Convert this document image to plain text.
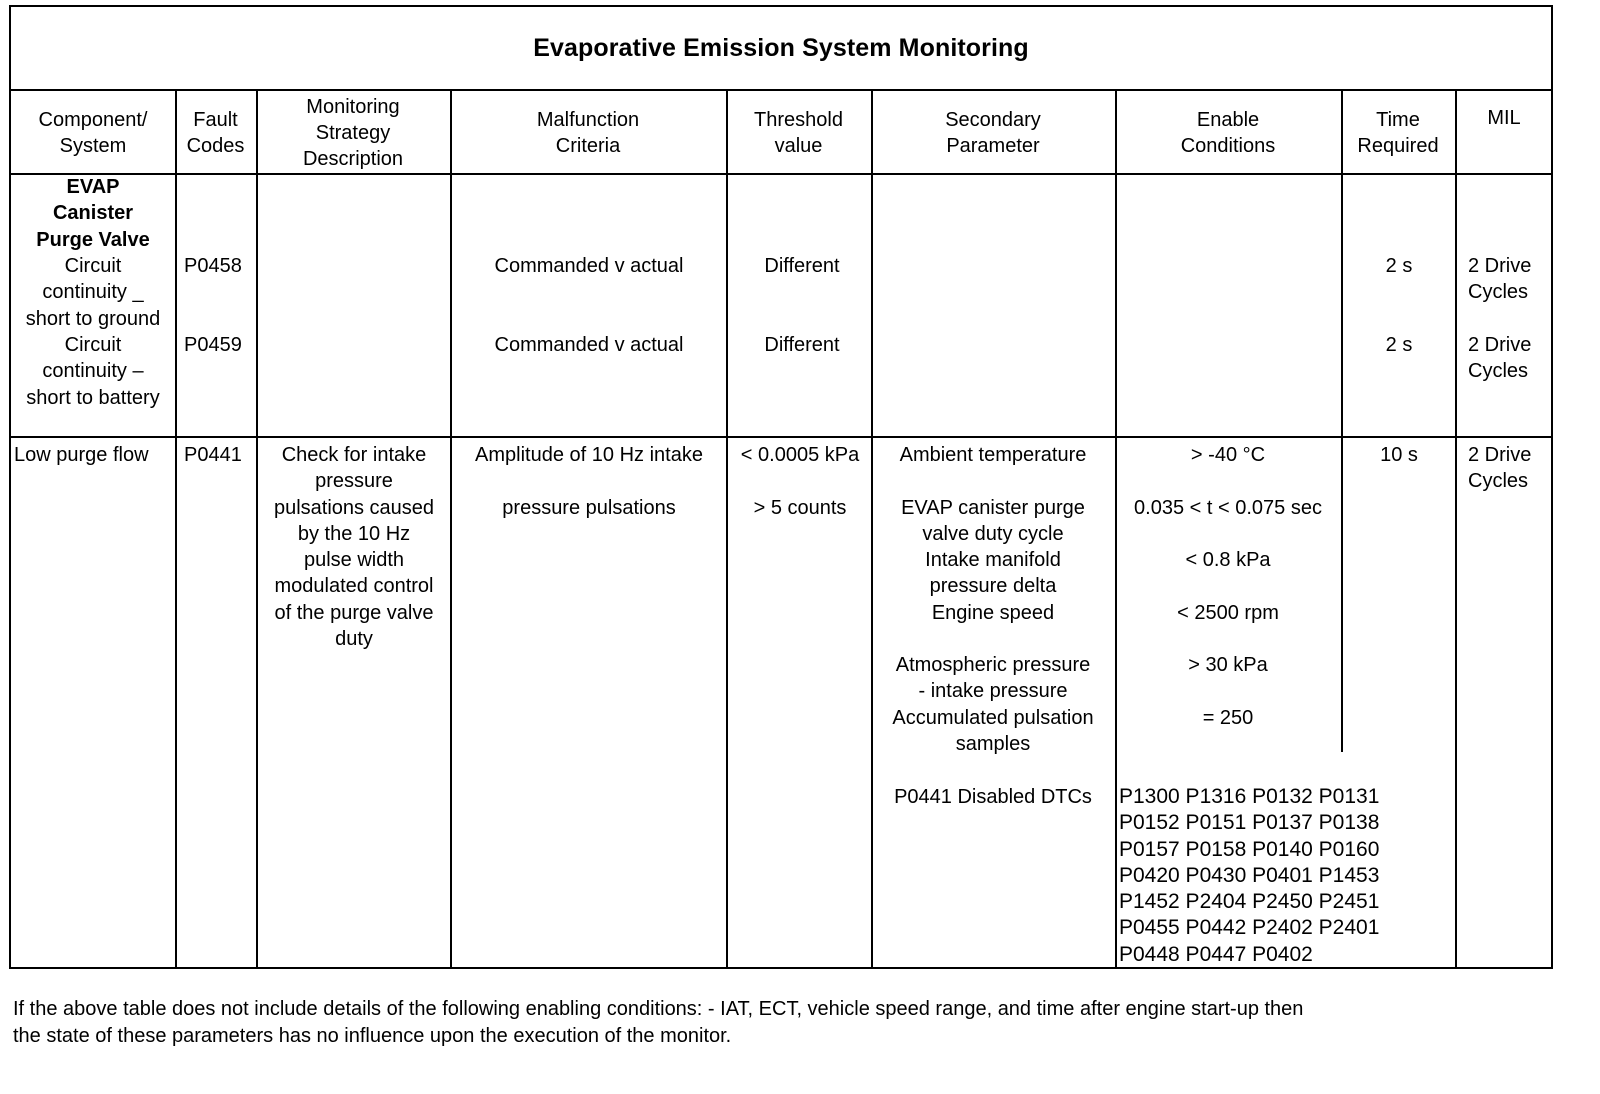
Evaporative Emission System Monitoring
Component/
System
Fault
Codes
Monitoring
Strategy
Description
Malfunction
Criteria
Threshold
value
Secondary
Parameter
Enable
Conditions
Time
Required
MIL
EVAP
Canister
Purge Valve
Circuit
continuity _
short to ground
Circuit
continuity –
short to battery
P0458
P0459
Commanded v actual
Commanded v actual
Different
Different
2 s
2 s
2 Drive
Cycles
2 Drive
Cycles
Low purge flow P0441	Check for intake
pressure
pulsations caused
by the 10 Hz
pulse width
modulated control
of the purge valve
duty
Amplitude of 10 Hz intake
pressure pulsations
< 0.0005 kPa
> 5 counts
Ambient temperature
EVAP canister purge
valve duty cycle
Intake manifold
pressure delta
Engine speed
Atmospheric pressure
- intake pressure
Accumulated pulsation
samples
P0441 Disabled DTCs
> -40 °C
0.035 < t < 0.075 sec
< 0.8 kPa
< 2500 rpm
> 30 kPa
= 250
P1300 P1316 P0132 P0131
P0152 P0151 P0137 P0138
P0157 P0158 P0140 P0160
P0420 P0430 P0401 P1453
P1452 P2404 P2450 P2451
P0455 P0442 P2402 P2401
P0448 P0447 P0402
10 s	2 Drive
Cycles
If the above table does not include details of the following enabling conditions: - IAT, ECT, vehicle speed range, and time after engine start-up then
the state of these parameters has no influence upon the execution of the monitor.
